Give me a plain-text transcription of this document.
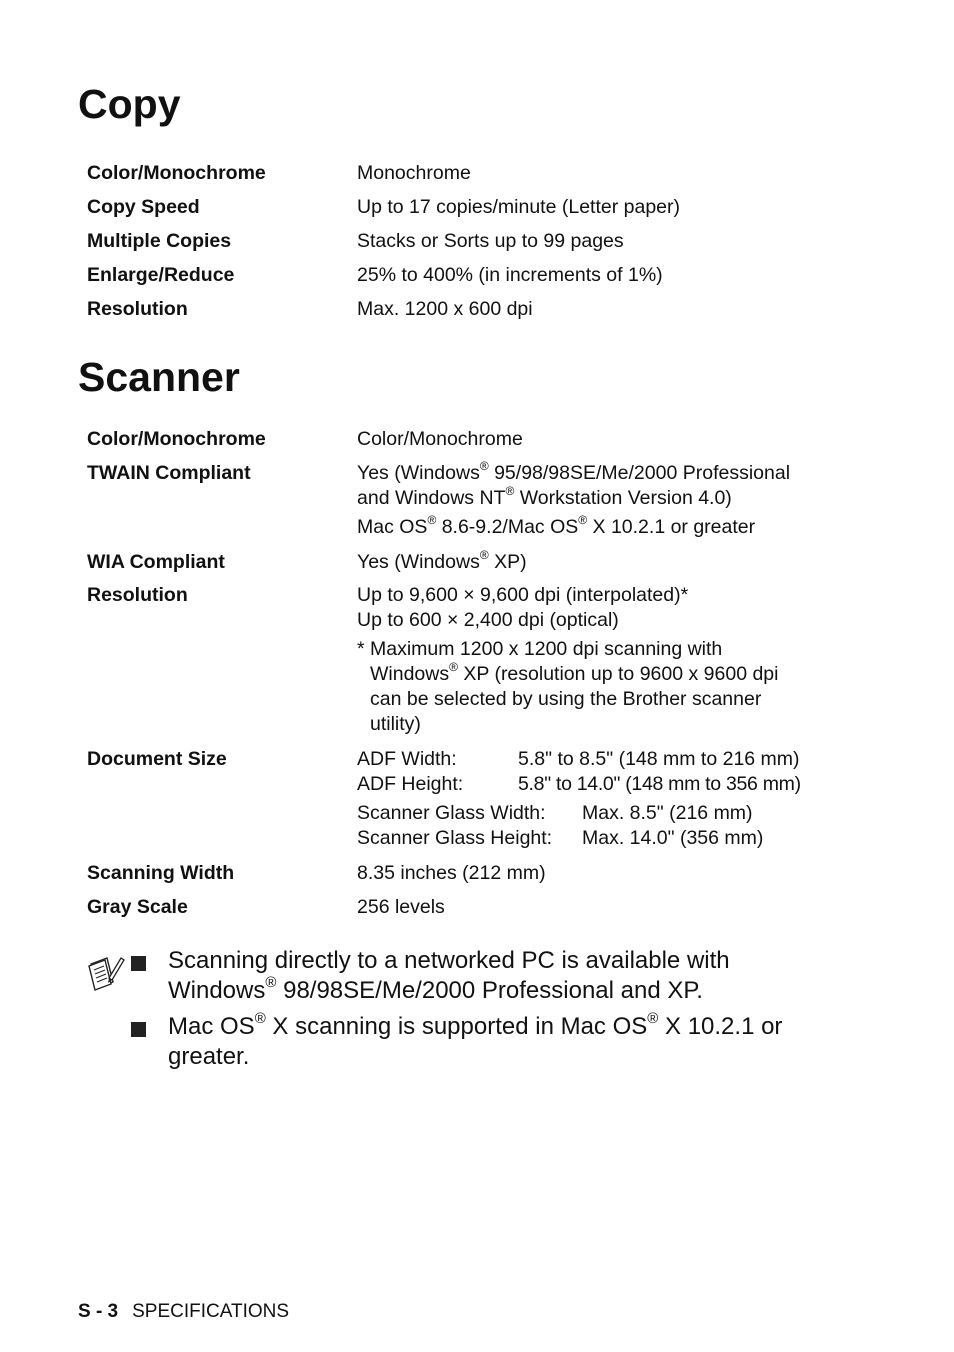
Copy
Color/Monochrome	Monochrome
Copy Speed	Up to 17 copies/minute (Letter paper)
Multiple Copies	Stacks or Sorts up to 99 pages
Enlarge/Reduce	25% to 400% (in increments of 1%)
Resolution	Max. 1200 x 600 dpi
Scanner
Color/Monochrome	Color/Monochrome
TWAIN Compliant	Yes (Windows® 95/98/98SE/Me/2000 Professional
and Windows NT® Workstation Version 4.0)
Mac OS® 8.6-9.2/Mac OS® X 10.2.1 or greater
WIA Compliant	Yes (Windows® XP)
Resolution	Up to 9,600 × 9,600 dpi (interpolated)*
Up to 600 × 2,400 dpi (optical)
* Maximum 1200 x 1200 dpi scanning with
Windows® XP (resolution up to 9600 x 9600 dpi
can be selected by using the Brother scanner
utility)
Document Size	ADF Width:	5.8" to 8.5" (148 mm to 216 mm)
ADF Height:	5.8" to 14.0" (148 mm to 356 mm)
Scanner Glass Width: Max. 8.5" (216 mm)
Scanner Glass Height: Max. 14.0" (356 mm)
Scanning Width	8.35 inches (212 mm)
Gray Scale	256 levels
Scanning directly to a networked PC is available with
Windows® 98/98SE/Me/2000 Professional and XP.
Mac OS® X scanning is supported in Mac OS® X 10.2.1 or
greater.
S - 3 SPECIFICATIONS
